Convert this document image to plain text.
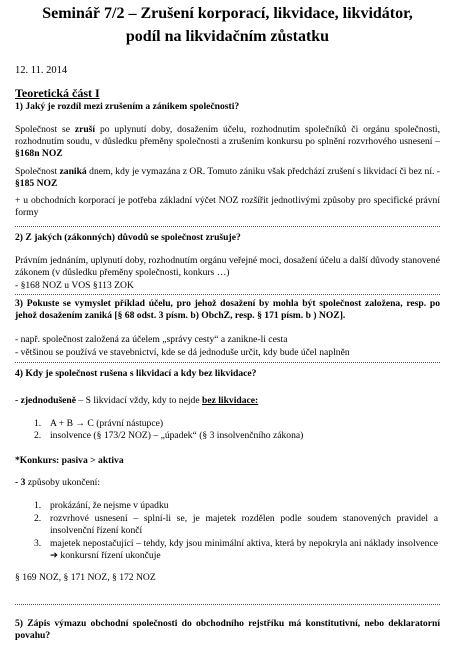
Seminář 7/2 – Zrušení korporací, likvidace, likvidátor,
podíl na likvidačním zůstatku
12. 11. 2014
Teoretická část I
1) Jaký je rozdíl mezi zrušením a zánikem společnosti?
Společnost se zruší po uplynutí doby, dosažením účelu, rozhodnutím společníků či orgánu společnosti, rozhodnutím soudu, v důsledku přeměny společnosti a zrušením konkursu po splnění rozvrhového usnesení – §168n NOZ
Společnost zaniká dnem, kdy je vymazána z OR. Tomuto zániku však předchází zrušení s likvidací či bez ní. - §185 NOZ
+ u obchodních korporací je potřeba základní výčet NOZ rozšířit jednotlivými způsoby pro specifické právní formy
2) Z jakých (zákonných) důvodů se společnost zrušuje?
Právním jednáním, uplynutí doby, rozhodnutím orgánu veřejné moci, dosažení účelu a další důvody stanovené zákonem (v důsledku přeměny společnosti, konkurs …)
- §168 NOZ u VOS §113 ZOK
3) Pokuste se vymyslet příklad účelu, pro jehož dosažení by mohla být společnost založena, resp. po jehož dosažením zaniká [§ 68 odst. 3 písm. b) ObchZ, resp. § 171 písm. b ) NOZ].
- např. společnost založená za účelem „správy cesty“ a zanikne-li cesta
- většinou se používá ve stavebnictví, kde se dá jednoduše určit, kdy bude účel naplněn
4) Kdy je společnost rušena s likvidací a kdy bez likvidace?
- zjednodušeně – S likvidací vždy, kdy to nejde bez likvidace:
1. A + B → C (právní nástupce)
2. insolvence (§ 173/2 NOZ) – „úpadek“ (§ 3 insolvenčního zákona)
*Konkurs: pasiva > aktiva
- 3 způsoby ukončení:
1. prokázání, že nejsme v úpadku
2. rozvrhové usnesení – splní-li se, je majetek rozdělen podle soudem stanovených pravidel a insolvenční řízení končí
3. majetek nepostačující – tehdy, kdy jsou minimální aktiva, která by nepokryla ani náklady insolvence ➔ konkursní řízení ukončuje
§ 169 NOZ, § 171 NOZ, § 172 NOZ
5) Zápis výmazu obchodní společnosti do obchodního rejstříku má konstitutivní, nebo deklaratorní povahu?
